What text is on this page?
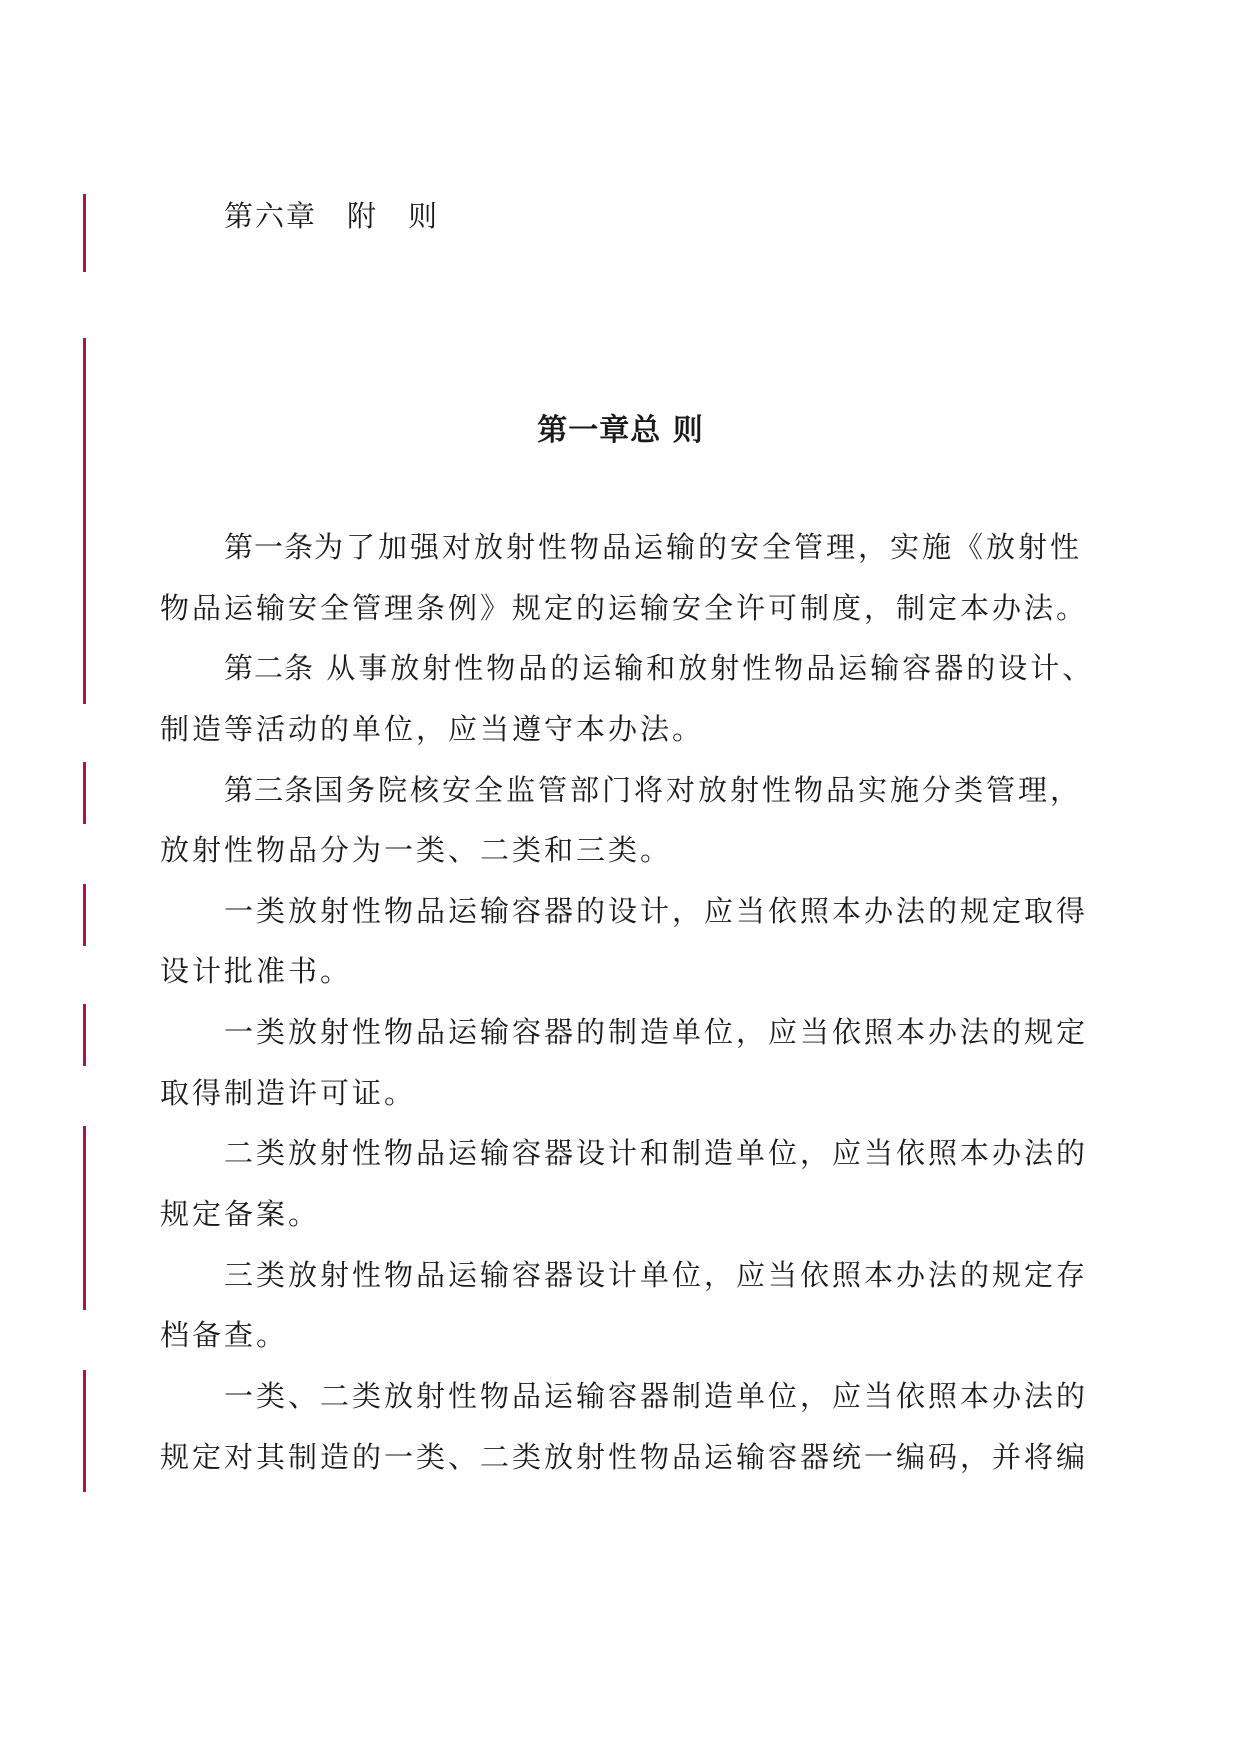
第六章 附 则
第一章总 则

第一条为了加强对放射性物品运输的安全管理，实施《放射性

物品运输安全管理条例》规定的运输安全许可制度，制定本办法。

第二条 从事放射性物品的运输和放射性物品运输容器的设计、

制造等活动的单位，应当遵守本办法。

第三条国务院核安全监管部门将对放射性物品实施分类管理，

放射性物品分为一类、二类和三类。

一类放射性物品运输容器的设计，应当依照本办法的规定取得

设计批准书。

一类放射性物品运输容器的制造单位，应当依照本办法的规定

取得制造许可证。

二类放射性物品运输容器设计和制造单位，应当依照本办法的

规定备案。

三类放射性物品运输容器设计单位，应当依照本办法的规定存

档备查。

一类、二类放射性物品运输容器制造单位，应当依照本办法的

规定对其制造的一类、二类放射性物品运输容器统一编码，并将编
